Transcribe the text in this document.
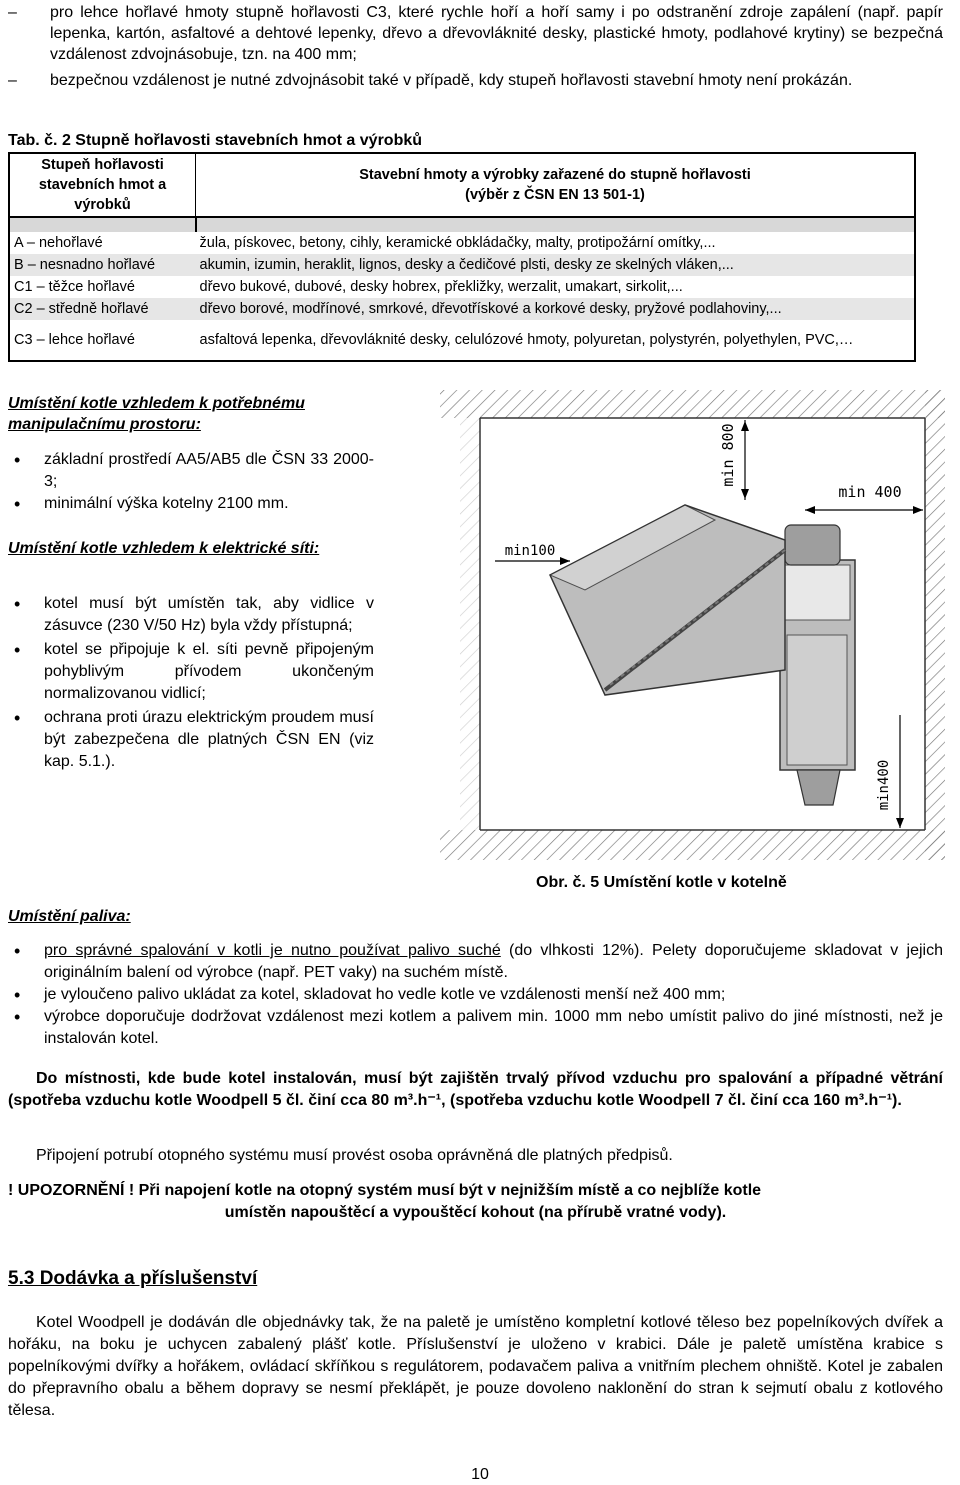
–	pro lehce hořlavé hmoty stupně hořlavosti C3, které rychle hoří a hoří samy i po odstranění zdroje zapálení (např. papír lepenka, kartón, asfaltové a dehtové lepenky, dřevo a dřevovláknité desky, plastické hmoty, podlahové krytiny) se bezpečná vzdálenost zdvojnásobuje, tzn. na 400 mm;
–	bezpečnou vzdálenost je nutné zdvojnásobit také v případě, kdy stupeň hořlavosti stavební hmoty není prokázán.
Tab. č. 2 Stupně hořlavosti stavebních hmot a výrobků
Stupeň hořlavosti stavebních hmot a výrobků	Stavební hmoty a výrobky zařazené do stupně hořlavosti
(výběr z ČSN EN 13 501-1)

A – nehořlavé	žula, pískovec, betony, cihly, keramické obkládačky, malty, protipožární omítky,...
B – nesnadno hořlavé	akumin, izumin, heraklit, lignos, desky a čedičové plsti, desky ze skelných vláken,...
C1 – těžce hořlavé	dřevo bukové, dubové, desky hobrex, překližky, werzalit, umakart, sirkolit,...
C2 – středně hořlavé	dřevo borové, modřínové, smrkové, dřevotřískové a korkové desky, pryžové podlahoviny,...
C3 – lehce hořlavé	asfaltová lepenka, dřevovláknité desky, celulózové hmoty, polyuretan, polystyrén, polyethylen, PVC,…
Umístění kotle vzhledem k potřebnému manipulačnímu prostoru:
• základní prostředí AA5/AB5 dle ČSN 33 2000-3;
• minimální výška kotelny 2100 mm.
Umístění kotle vzhledem k elektrické síti:
• kotel musí být umístěn tak, aby vidlice v zásuvce (230 V/50 Hz) byla vždy přístupná;
• kotel se připojuje k el. síti pevně připojeným pohyblivým přívodem ukončeným normalizovanou vidlicí;
• ochrana proti úrazu elektrickým proudem musí být zabezpečena dle platných ČSN EN (viz kap. 5.1.).
min 800
min 400
min100
min400
Obr. č. 5 Umístění kotle v kotelně
Umístění paliva:
• pro správné spalování v kotli je nutno používat palivo suché (do vlhkosti 12%). Pelety doporučujeme skladovat v jejich originálním balení od výrobce (např. PET vaky) na suchém místě.
• je vyloučeno palivo ukládat za kotel, skladovat ho vedle kotle ve vzdálenosti menší než 400 mm;
• výrobce doporučuje dodržovat vzdálenost mezi kotlem a palivem min. 1000 mm nebo umístit palivo do jiné místnosti, než je instalován kotel.
Do místnosti, kde bude kotel instalován, musí být zajištěn trvalý přívod vzduchu pro spalování a případné větrání (spotřeba vzduchu kotle Woodpell 5 čl. činí cca 80 m³.h⁻¹, (spotřeba vzduchu kotle Woodpell 7 čl. činí cca 160 m³.h⁻¹).
Připojení potrubí otopného systému musí provést osoba oprávněná dle platných předpisů.
! UPOZORNĚNÍ ! Při napojení kotle na otopný systém musí být v nejnižším místě a co nejblíže kotle
umístěn napouštěcí a vypouštěcí kohout (na přírubě vratné vody).
5.3 Dodávka a příslušenství
Kotel Woodpell je dodáván dle objednávky tak, že na paletě je umístěno kompletní kotlové těleso bez popelníkových dvířek a hořáku, na boku je uchycen zabalený plášť kotle. Příslušenství je uloženo v krabici. Dále je paletě umístěna krabice s popelníkovými dvířky a hořákem, ovládací skříňkou s regulátorem, podavačem paliva a vnitřním plechem ohniště. Kotel je zabalen do přepravního obalu a během dopravy se nesmí překlápět, je pouze dovoleno naklonění do stran k sejmutí obalu z kotlového tělesa.
10
